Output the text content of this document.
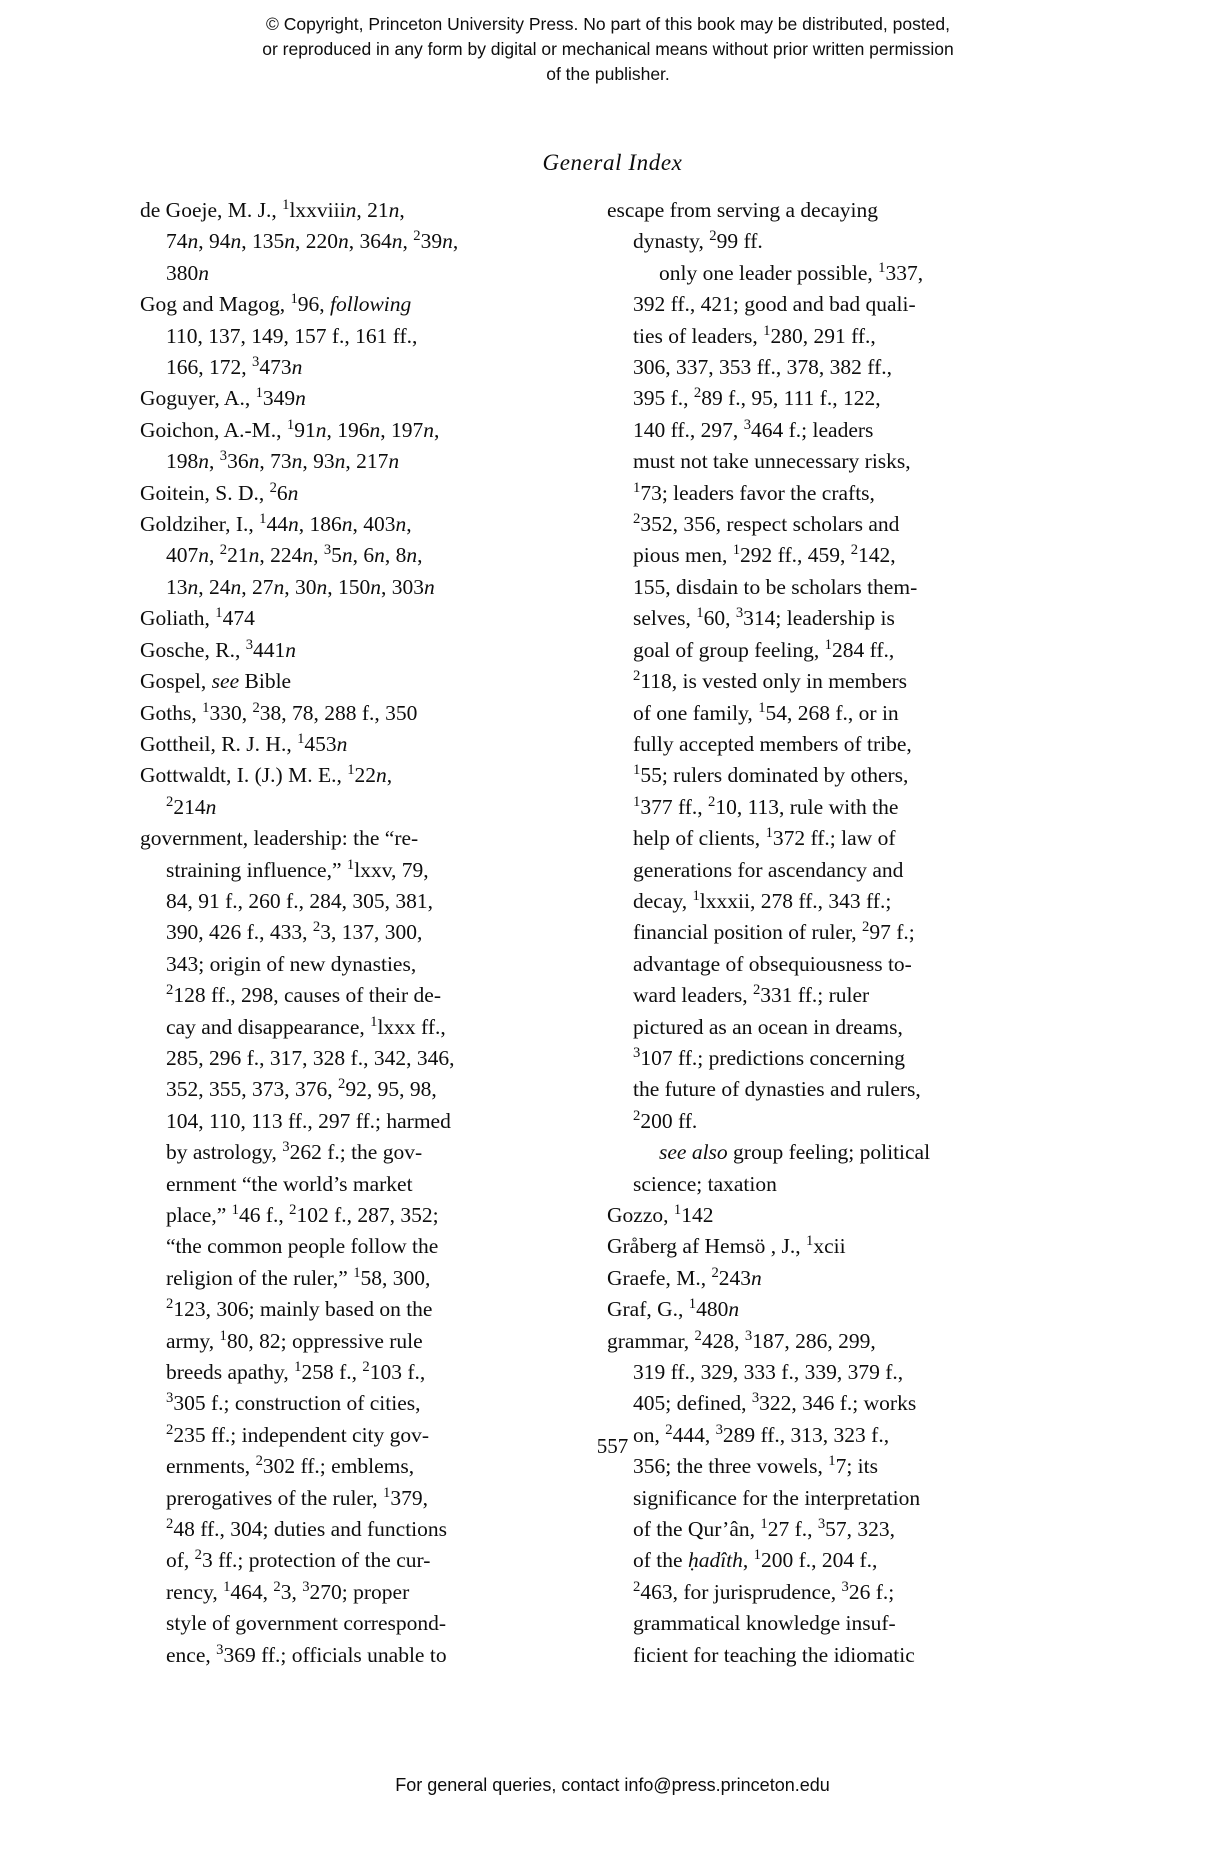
© Copyright, Princeton University Press. No part of this book may be distributed, posted, or reproduced in any form by digital or mechanical means without prior written permission of the publisher.
General Index
de Goeje, M. J., $^1$lxxviiin, 21n,
74n, 94n, 135n, 220n, 364n, $^2$39n,
380n
Gog and Magog, $^1$96, following
110, 137, 149, 157 f., 161 ff.,
166, 172, $^3$473n
Goguyer, A., $^1$349n
Goichon, A.-M., $^1$91n, 196n, 197n,
198n, $^3$36n, 73n, 93n, 217n
Goitein, S. D., $^2$6n
Goldziher, I., $^1$44n, 186n, 403n,
407n, $^2$21n, 224n, $^3$5n, 6n, 8n,
13n, 24n, 27n, 30n, 150n, 303n
Goliath, $^1$474
Gosche, R., $^3$441n
Gospel, see Bible
Goths, $^1$330, $^2$38, 78, 288 f., 350
Gottheil, R. J. H., $^1$453n
Gottwaldt, I. (J.) M. E., $^1$22n,
$^2$214n
government, leadership: the “re-
straining influence,” $^1$lxxv, 79,
84, 91 f., 260 f., 284, 305, 381,
390, 426 f., 433, $^2$3, 137, 300,
343; origin of new dynasties,
$^2$128 ff., 298, causes of their de-
cay and disappearance, $^1$lxxx ff.,
285, 296 f., 317, 328 f., 342, 346,
352, 355, 373, 376, $^2$92, 95, 98,
104, 110, 113 ff., 297 ff.; harmed
by astrology, $^3$262 f.; the gov-
ernment “the world’s market
place,” $^1$46 f., $^2$102 f., 287, 352;
“the common people follow the
religion of the ruler,” $^1$58, 300,
$^2$123, 306; mainly based on the
army, $^1$80, 82; oppressive rule
breeds apathy, $^1$258 f., $^2$103 f.,
$^3$305 f.; construction of cities,
$^2$235 ff.; independent city gov-
ernments, $^2$302 ff.; emblems,
prerogatives of the ruler, $^1$379,
$^2$48 ff., 304; duties and functions
of, $^2$3 ff.; protection of the cur-
rency, $^1$464, $^2$3, $^3$270; proper
style of government correspond-
ence, $^3$369 ff.; officials unable to
escape from serving a decaying
dynasty, $^2$99 ff.
only one leader possible, $^1$337,
392 ff., 421; good and bad quali-
ties of leaders, $^1$280, 291 ff.,
306, 337, 353 ff., 378, 382 ff.,
395 f., $^2$89 f., 95, 111 f., 122,
140 ff., 297, $^3$464 f.; leaders
must not take unnecessary risks,
$^1$73; leaders favor the crafts,
$^2$352, 356, respect scholars and
pious men, $^1$292 ff., 459, $^2$142,
155, disdain to be scholars them-
selves, $^1$60, $^3$314; leadership is
goal of group feeling, $^1$284 ff.,
$^2$118, is vested only in members
of one family, $^1$54, 268 f., or in
fully accepted members of tribe,
$^1$55; rulers dominated by others,
$^1$377 ff., $^2$10, 113, rule with the
help of clients, $^1$372 ff.; law of
generations for ascendancy and
decay, $^1$lxxxii, 278 ff., 343 ff.;
financial position of ruler, $^2$97 f.;
advantage of obsequiousness to-
ward leaders, $^2$331 ff.; ruler
pictured as an ocean in dreams,
$^3$107 ff.; predictions concerning
the future of dynasties and rulers,
$^2$200 ff.
see also group feeling; political
science; taxation
Gozzo, $^1$142
Gråberg af Hemsö , J., $^1$xcii
Graefe, M., $^2$243n
Graf, G., $^1$480n
grammar, $^2$428, $^3$187, 286, 299,
319 ff., 329, 333 f., 339, 379 f.,
405; defined, $^3$322, 346 f.; works
on, $^2$444, $^3$289 ff., 313, 323 f.,
356; the three vowels, $^1$7; its
significance for the interpretation
of the Qur’ân, $^1$27 f., $^3$57, 323,
of the ḥadîth, $^1$200 f., 204 f.,
$^2$463, for jurisprudence, $^3$26 f.;
grammatical knowledge insuf-
ficient for teaching the idiomatic
557
For general queries, contact info@press.princeton.edu
